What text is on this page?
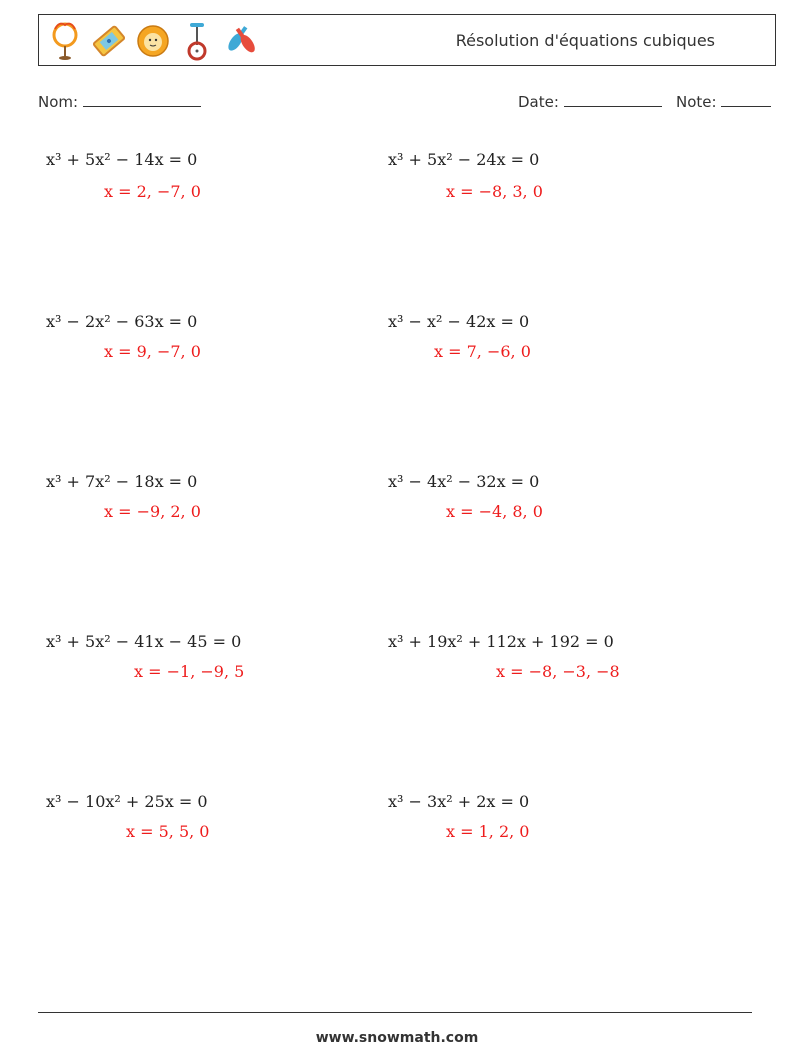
Résolution d'équations cubiques
Nom:	Date:	Note:
x³ + 5x² − 14x = 0
x = 2, −7, 0
x³ − 2x² − 63x = 0
x = 9, −7, 0
x³ + 7x² − 18x = 0
x = −9, 2, 0
x³ + 5x² − 41x − 45 = 0
x = −1, −9, 5
x³ − 10x² + 25x = 0
x = 5, 5, 0
x³ + 5x² − 24x = 0
x = −8, 3, 0
x³ − x² − 42x = 0
x = 7, −6, 0
x³ − 4x² − 32x = 0
x = −4, 8, 0
x³ + 19x² + 112x + 192 = 0
x = −8, −3, −8
x³ − 3x² + 2x = 0
x = 1, 2, 0
www.snowmath.com
